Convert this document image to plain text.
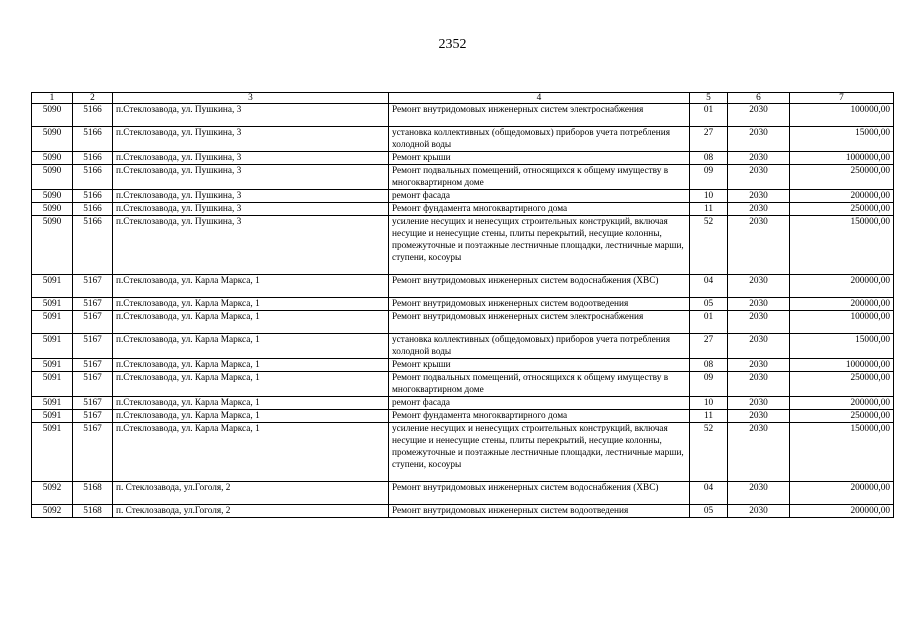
2352
1	2	3	4	5	6	7
5090	5166	п.Стеклозавода, ул. Пушкина, 3	Ремонт внутридомовых инженерных систем электроснабжения	01	2030	100000,00
5090	5166	п.Стеклозавода, ул. Пушкина, 3	установка коллективных (общедомовых) приборов учета потребления холодной воды	27	2030	15000,00
5090	5166	п.Стеклозавода, ул. Пушкина, 3	Ремонт крыши	08	2030	1000000,00
5090	5166	п.Стеклозавода, ул. Пушкина, 3	Ремонт подвальных помещений, относящихся к общему имуществу в многоквартирном доме	09	2030	250000,00
5090	5166	п.Стеклозавода, ул. Пушкина, 3	ремонт фасада	10	2030	200000,00
5090	5166	п.Стеклозавода, ул. Пушкина, 3	Ремонт фундамента многоквартирного дома	11	2030	250000,00
5090	5166	п.Стеклозавода, ул. Пушкина, 3	усиление несущих и ненесущих строительных конструкций, включая несущие и ненесущие стены, плиты перекрытий, несущие колонны, промежуточные и поэтажные лестничные площадки, лестничные марши, ступени, косоуры	52	2030	150000,00
5091	5167	п.Стеклозавода, ул. Карла Маркса, 1	Ремонт внутридомовых инженерных систем водоснабжения (ХВС)	04	2030	200000,00
5091	5167	п.Стеклозавода, ул. Карла Маркса, 1	Ремонт внутридомовых инженерных систем водоотведения	05	2030	200000,00
5091	5167	п.Стеклозавода, ул. Карла Маркса, 1	Ремонт внутридомовых инженерных систем электроснабжения	01	2030	100000,00
5091	5167	п.Стеклозавода, ул. Карла Маркса, 1	установка коллективных (общедомовых) приборов учета потребления холодной воды	27	2030	15000,00
5091	5167	п.Стеклозавода, ул. Карла Маркса, 1	Ремонт крыши	08	2030	1000000,00
5091	5167	п.Стеклозавода, ул. Карла Маркса, 1	Ремонт подвальных помещений, относящихся к общему имуществу в многоквартирном доме	09	2030	250000,00
5091	5167	п.Стеклозавода, ул. Карла Маркса, 1	ремонт фасада	10	2030	200000,00
5091	5167	п.Стеклозавода, ул. Карла Маркса, 1	Ремонт фундамента многоквартирного дома	11	2030	250000,00
5091	5167	п.Стеклозавода, ул. Карла Маркса, 1	усиление несущих и ненесущих строительных конструкций, включая несущие и ненесущие стены, плиты перекрытий, несущие колонны, промежуточные и поэтажные лестничные площадки, лестничные марши, ступени, косоуры	52	2030	150000,00
5092	5168	п. Стеклозавода, ул.Гоголя, 2	Ремонт внутридомовых инженерных систем водоснабжения (ХВС)	04	2030	200000,00
5092	5168	п. Стеклозавода, ул.Гоголя, 2	Ремонт внутридомовых инженерных систем водоотведения	05	2030	200000,00
